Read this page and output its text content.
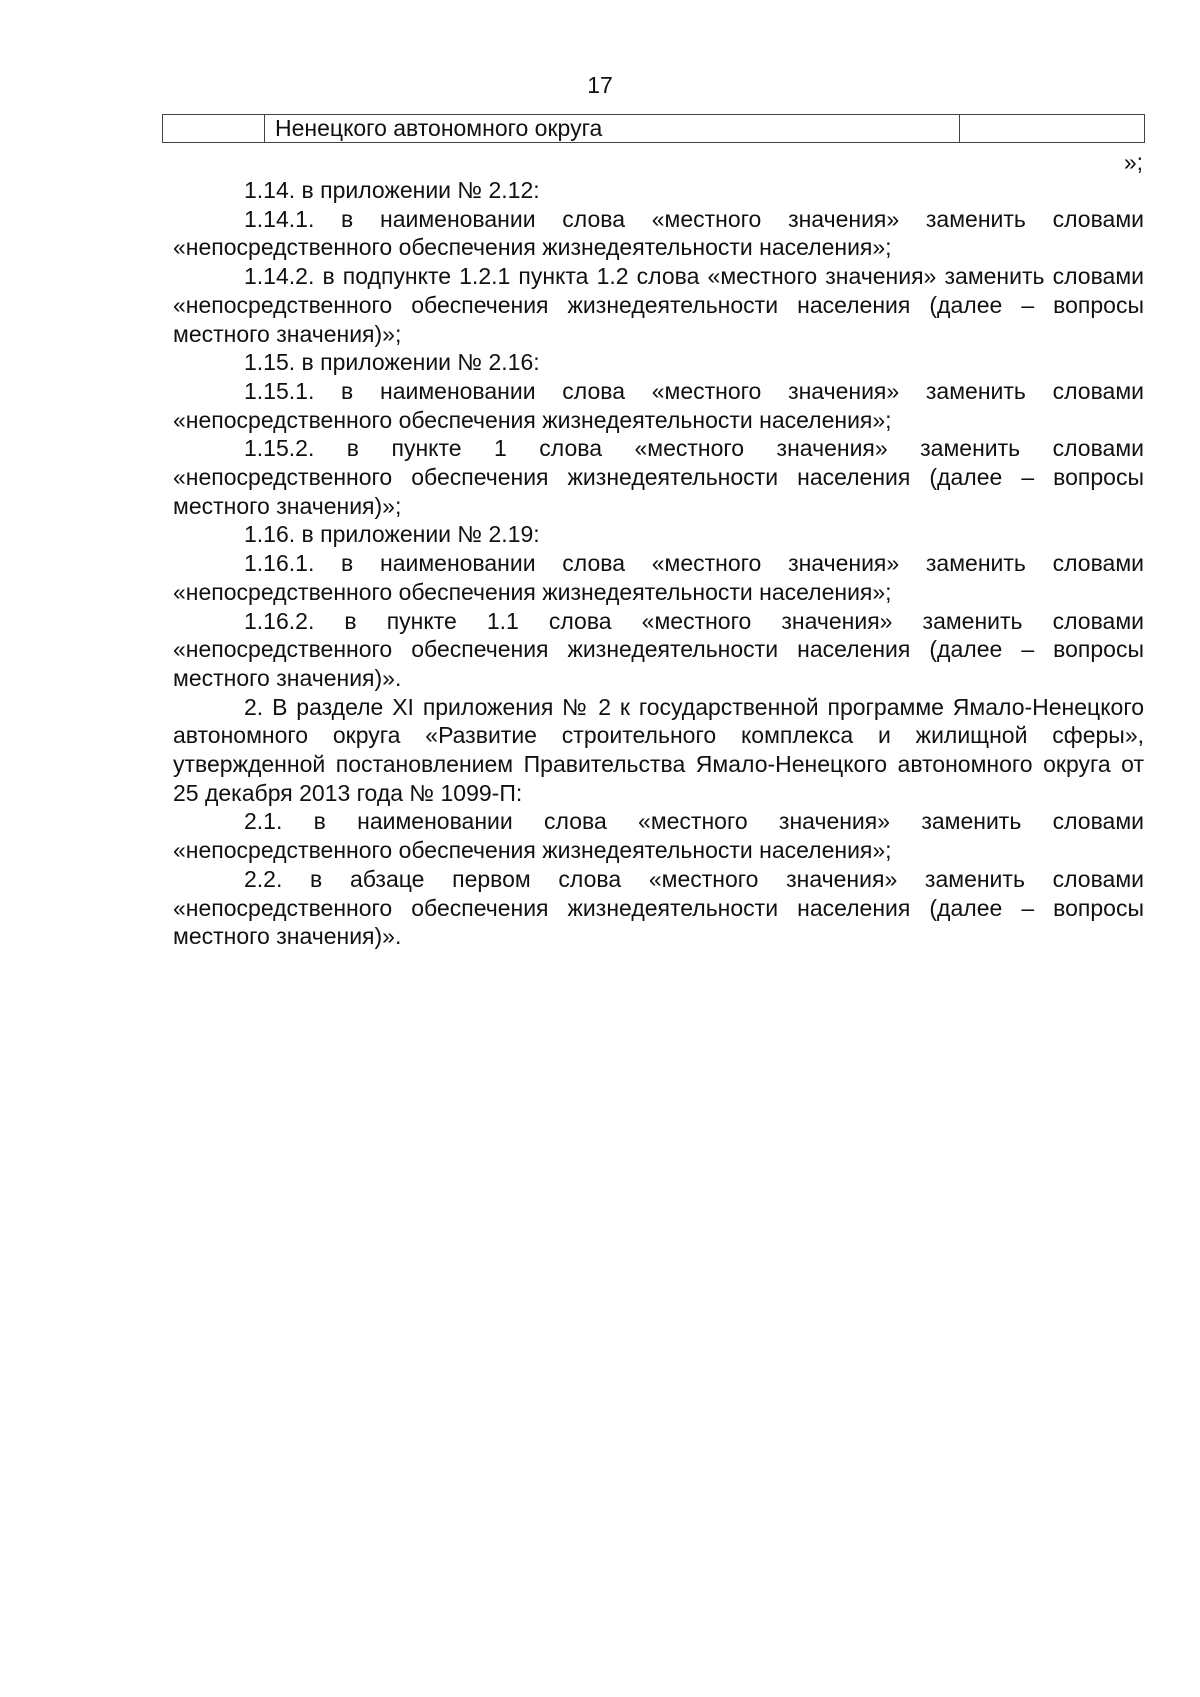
17
	Ненецкого автономного округа	
»;

1.14. в приложении № 2.12:

1.14.1. в наименовании слова «местного значения» заменить словами «непосредственного обеспечения жизнедеятельности населения»;

1.14.2. в подпункте 1.2.1 пункта 1.2 слова «местного значения» заменить словами «непосредственного обеспечения жизнедеятельности населения (далее – вопросы местного значения)»;

1.15. в приложении № 2.16:

1.15.1. в наименовании слова «местного значения» заменить словами «непосредственного обеспечения жизнедеятельности населения»;

1.15.2. в пункте 1 слова «местного значения» заменить словами «непосредственного обеспечения жизнедеятельности населения (далее – вопросы местного значения)»;

1.16. в приложении № 2.19:

1.16.1. в наименовании слова «местного значения» заменить словами «непосредственного обеспечения жизнедеятельности населения»;

1.16.2. в пункте 1.1 слова «местного значения» заменить словами «непосредственного обеспечения жизнедеятельности населения (далее – вопросы местного значения)».

2. В разделе XI приложения № 2 к государственной программе Ямало-Ненецкого автономного округа «Развитие строительного комплекса и жилищной сферы», утвержденной постановлением Правительства Ямало-Ненецкого автономного округа от 25 декабря 2013 года № 1099-П:

2.1. в наименовании слова «местного значения» заменить словами «непосредственного обеспечения жизнедеятельности населения»;

2.2. в абзаце первом слова «местного значения» заменить словами «непосредственного обеспечения жизнедеятельности населения (далее – вопросы местного значения)».
